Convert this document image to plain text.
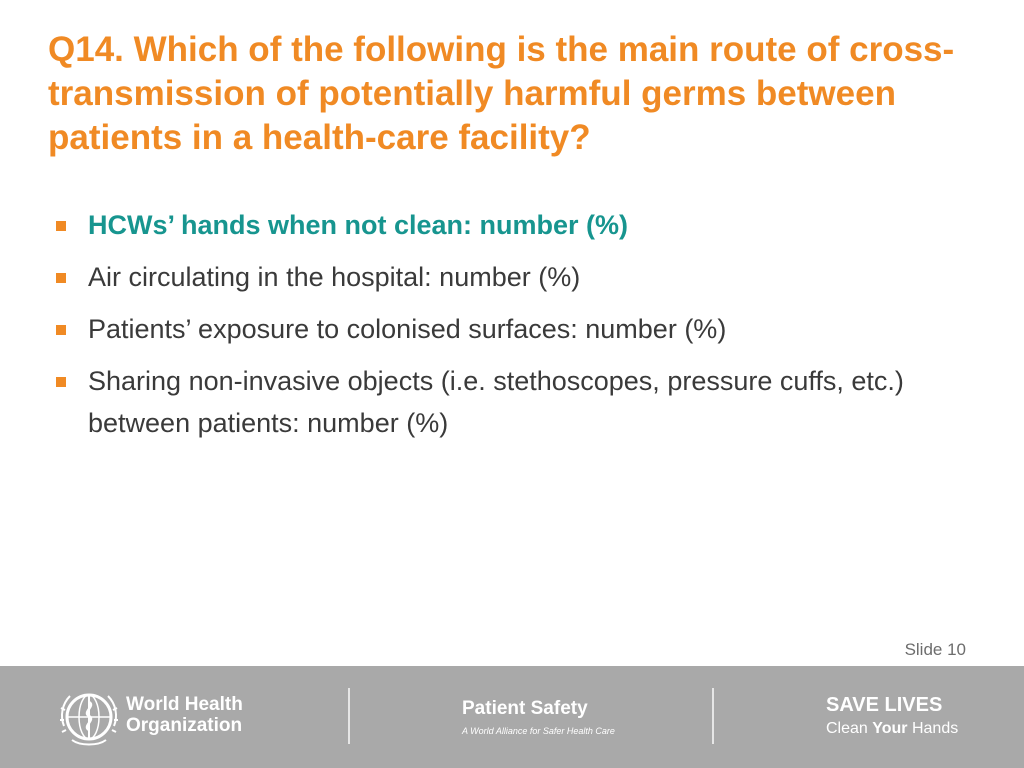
Q14. Which of the following is the main route of cross-transmission of potentially harmful germs between patients in a health-care facility?
HCWs’ hands when not clean: number (%)
Air circulating in the hospital: number (%)
Patients’ exposure to colonised surfaces: number (%)
Sharing non-invasive objects (i.e. stethoscopes, pressure cuffs, etc.) between patients: number (%)
Slide 10
World Health
Organization
Patient Safety
A World Alliance for Safer Health Care
SAVE LIVES
Clean Your Hands
